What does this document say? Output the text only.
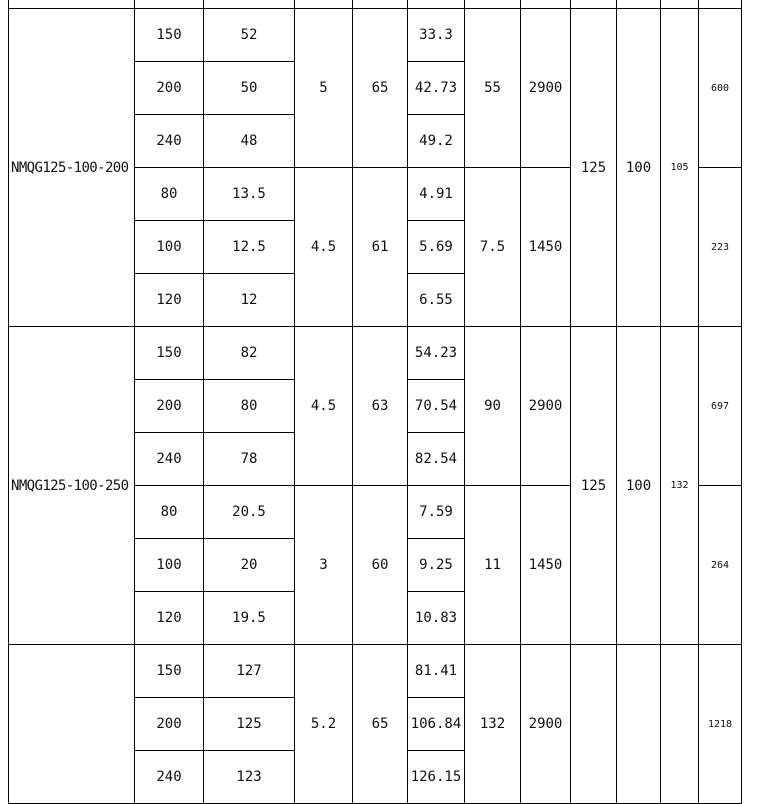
NMQG125-100-200	150	52	5	65	33.3	55	2900	125	100	105	600
	200	50			42.73						
	240	48			49.2						
	80	13.5	4.5	61	4.91	7.5	1450				223
	100	12.5			5.69						
	120	12			6.55						
NMQG125-100-250	150	82	4.5	63	54.23	90	2900	125	100	132	697
	200	80			70.54						
	240	78			82.54						
	80	20.5	3	60	7.59	11	1450				264
	100	20			9.25						
	120	19.5			10.83						
	150	127	5.2	65	81.41	132	2900				1218
	200	125			106.84						
	240	123			126.15						
